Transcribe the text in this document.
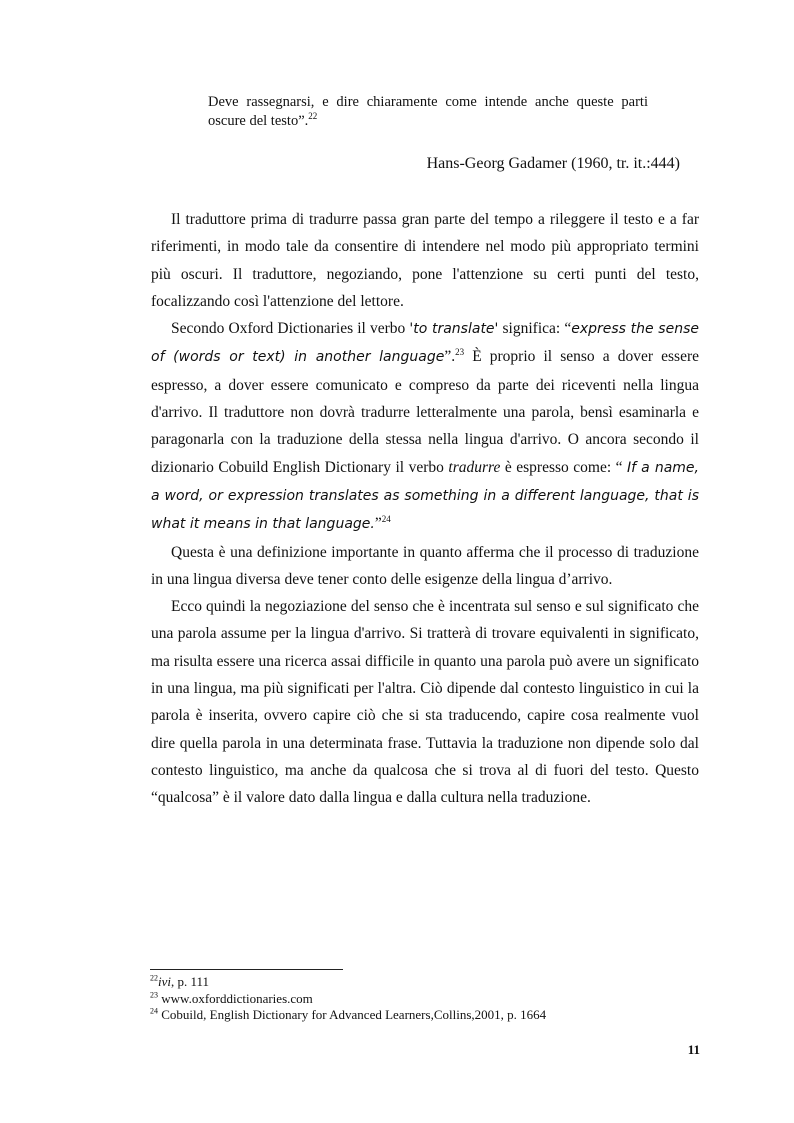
Deve rassegnarsi, e dire chiaramente come intende anche queste parti oscure del testo”.$^{22}$
Hans-Georg Gadamer (1960, tr. it.:444)

Il traduttore prima di tradurre passa gran parte del tempo a rileggere il testo e a far riferimenti, in modo tale da consentire di intendere nel modo più appropriato termini più oscuri. Il traduttore, negoziando, pone l'attenzione su certi punti del testo, focalizzando così l'attenzione del lettore.

Secondo Oxford Dictionaries il verbo 'to translate' significa: “express the sense of (words or text) in another language”.$^{23}$ È proprio il senso a dover essere espresso, a dover essere comunicato e compreso da parte dei riceventi nella lingua d'arrivo. Il traduttore non dovrà tradurre letteralmente una parola, bensì esaminarla e paragonarla con la traduzione della stessa nella lingua d'arrivo. O ancora secondo il dizionario Cobuild English Dictionary il verbo tradurre è espresso come: “ If a name, a word, or expression translates as something in a different language, that is what it means in that language.”$^{24}$

Questa è una definizione importante in quanto afferma che il processo di traduzione in una lingua diversa deve tener conto delle esigenze della lingua d’arrivo.

Ecco quindi la negoziazione del senso che è incentrata sul senso e sul significato che una parola assume per la lingua d'arrivo. Si tratterà di trovare equivalenti in significato, ma risulta essere una ricerca assai difficile in quanto una parola può avere un significato in una lingua, ma più significati per l'altra. Ciò dipende dal contesto linguistico in cui la parola è inserita, ovvero capire ciò che si sta traducendo, capire cosa realmente vuol dire quella parola in una determinata frase. Tuttavia la traduzione non dipende solo dal contesto linguistico, ma anche da qualcosa che si trova al di fuori del testo. Questo “qualcosa” è il valore dato dalla lingua e dalla cultura nella traduzione.

$^{22}$ivi, p. 111
$^{23}$ www.oxforddictionaries.com
$^{24}$ Cobuild, English Dictionary for Advanced Learners,Collins,2001, p. 1664
11
